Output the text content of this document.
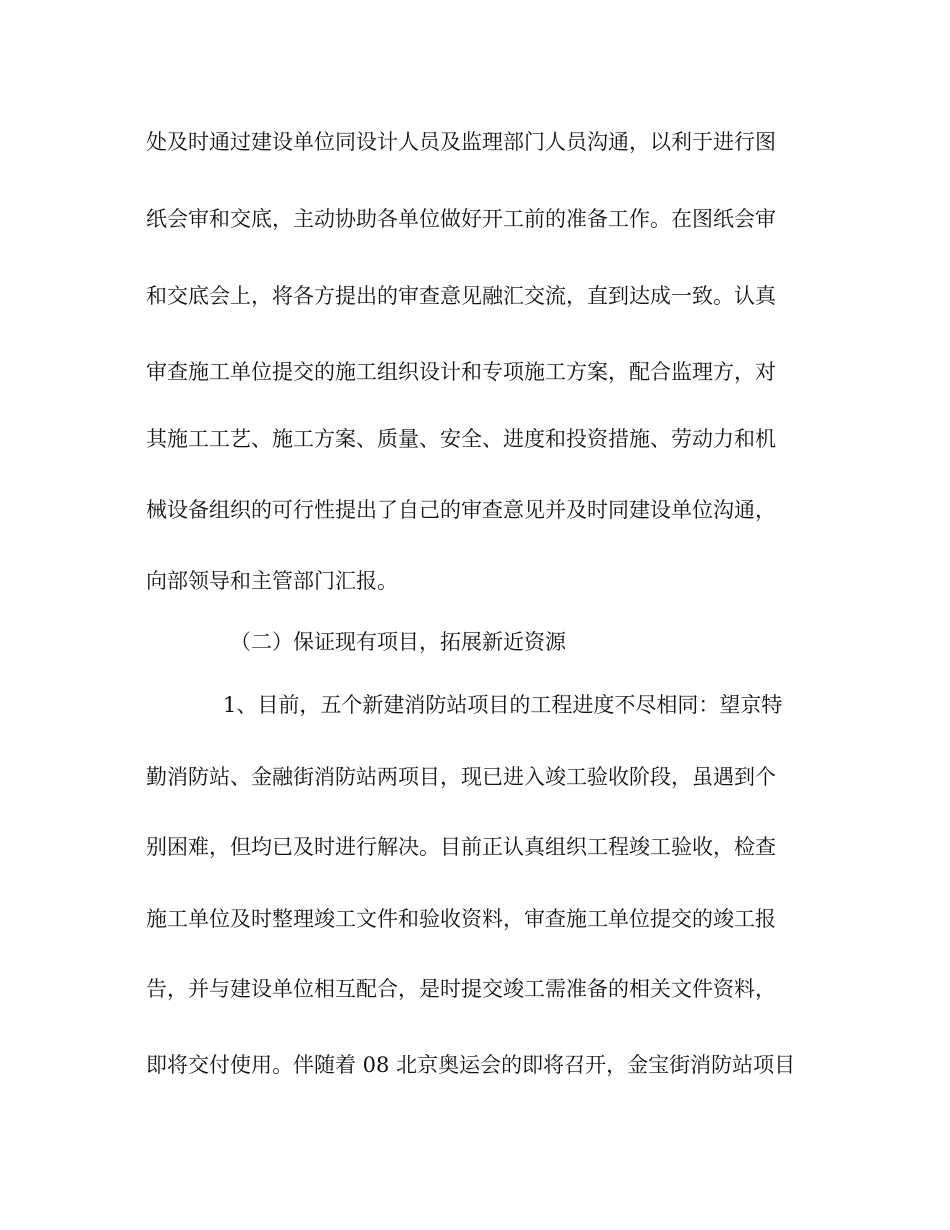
处及时通过建设单位同设计人员及监理部门人员沟通，以利于进行图

纸会审和交底，主动协助各单位做好开工前的准备工作。在图纸会审

和交底会上，将各方提出的审查意见融汇交流，直到达成一致。认真

审查施工单位提交的施工组织设计和专项施工方案，配合监理方，对

其施工工艺、施工方案、质量、安全、进度和投资措施、劳动力和机

械设备组织的可行性提出了自己的审查意见并及时同建设单位沟通，

向部领导和主管部门汇报。

（二）保证现有项目，拓展新近资源

1、目前，五个新建消防站项目的工程进度不尽相同：望京特

勤消防站、金融街消防站两项目，现已进入竣工验收阶段，虽遇到个

别困难，但均已及时进行解决。目前正认真组织工程竣工验收，检查

施工单位及时整理竣工文件和验收资料，审查施工单位提交的竣工报

告，并与建设单位相互配合，是时提交竣工需准备的相关文件资料，

即将交付使用。伴随着 08 北京奥运会的即将召开，金宝街消防站项目
